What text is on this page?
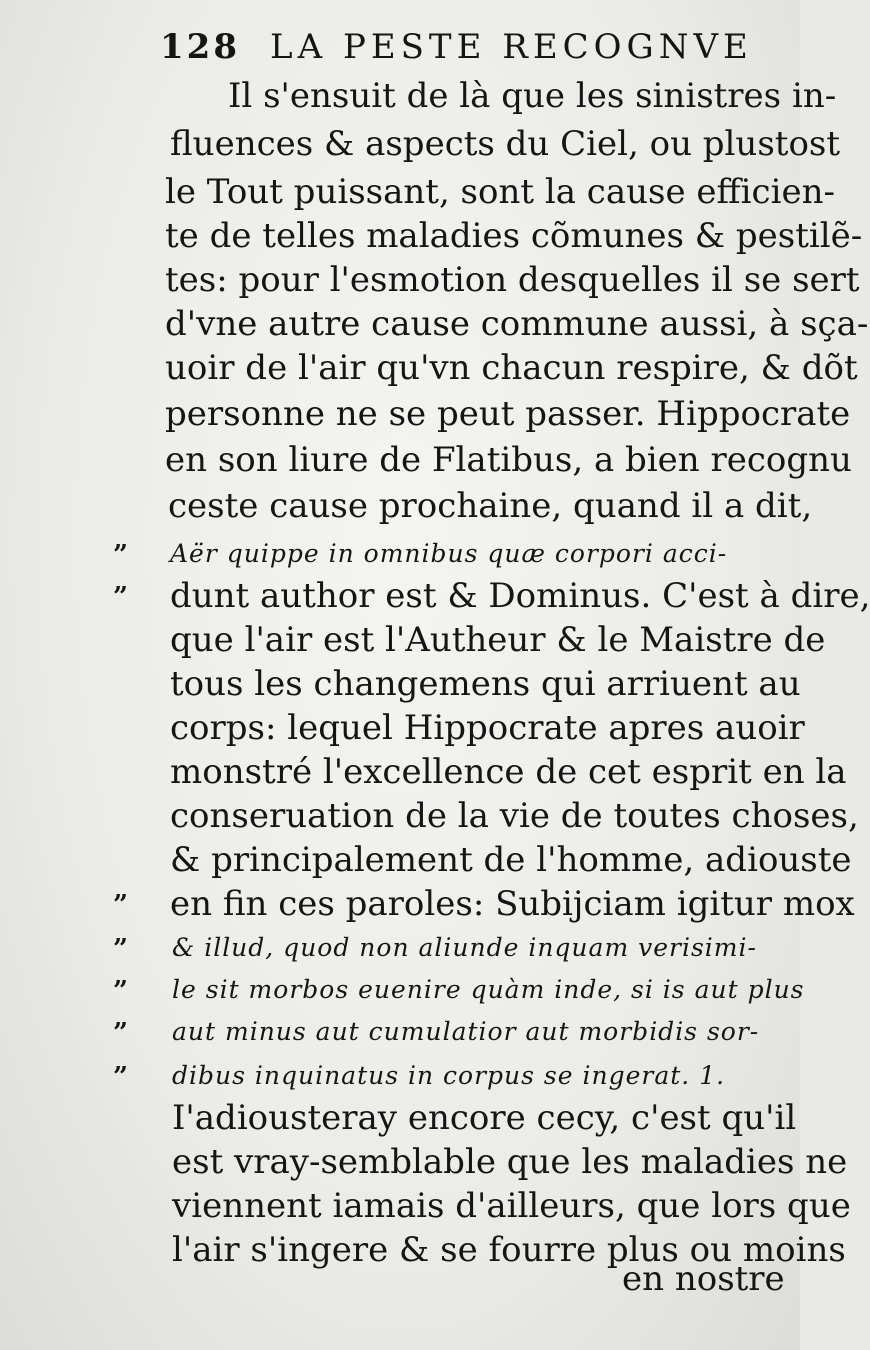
128 LA PESTE RECOGNVE
Il s'ensuit de là que les sinistres in-
fluences & aspects du Ciel, ou plustost
le Tout puissant, sont la cause efficien-
te de telles maladies cõmunes & pestilẽ-
tes: pour l'esmotion desquelles il se sert
d'vne autre cause commune aussi, à sça-
uoir de l'air qu'vn chacun respire, & dõt
personne ne se peut passer. Hippocrate
en son liure de Flatibus, a bien recognu
ceste cause prochaine, quand il a dit,
Aër quippe in omnibus quæ corpori acci-
dunt author est & Dominus. C'est à dire,
que l'air est l'Autheur & le Maistre de
tous les changemens qui arriuent au
corps: lequel Hippocrate apres auoir
monstré l'excellence de cet esprit en la
conseruation de la vie de toutes choses,
& principalement de l'homme, adiouste
en fin ces paroles: Subijciam igitur mox
& illud, quod non aliunde inquam verisimi-
le sit morbos euenire quàm inde, si is aut plus
aut minus aut cumulatior aut morbidis sor-
dibus inquinatus in corpus se ingerat. 1.
I'adiousteray encore cecy, c'est qu'il
est vray-semblable que les maladies ne
viennent iamais d'ailleurs, que lors que
l'air s'ingere & se fourre plus ou moins
”
”
”
”
”
”
”
en nostre
